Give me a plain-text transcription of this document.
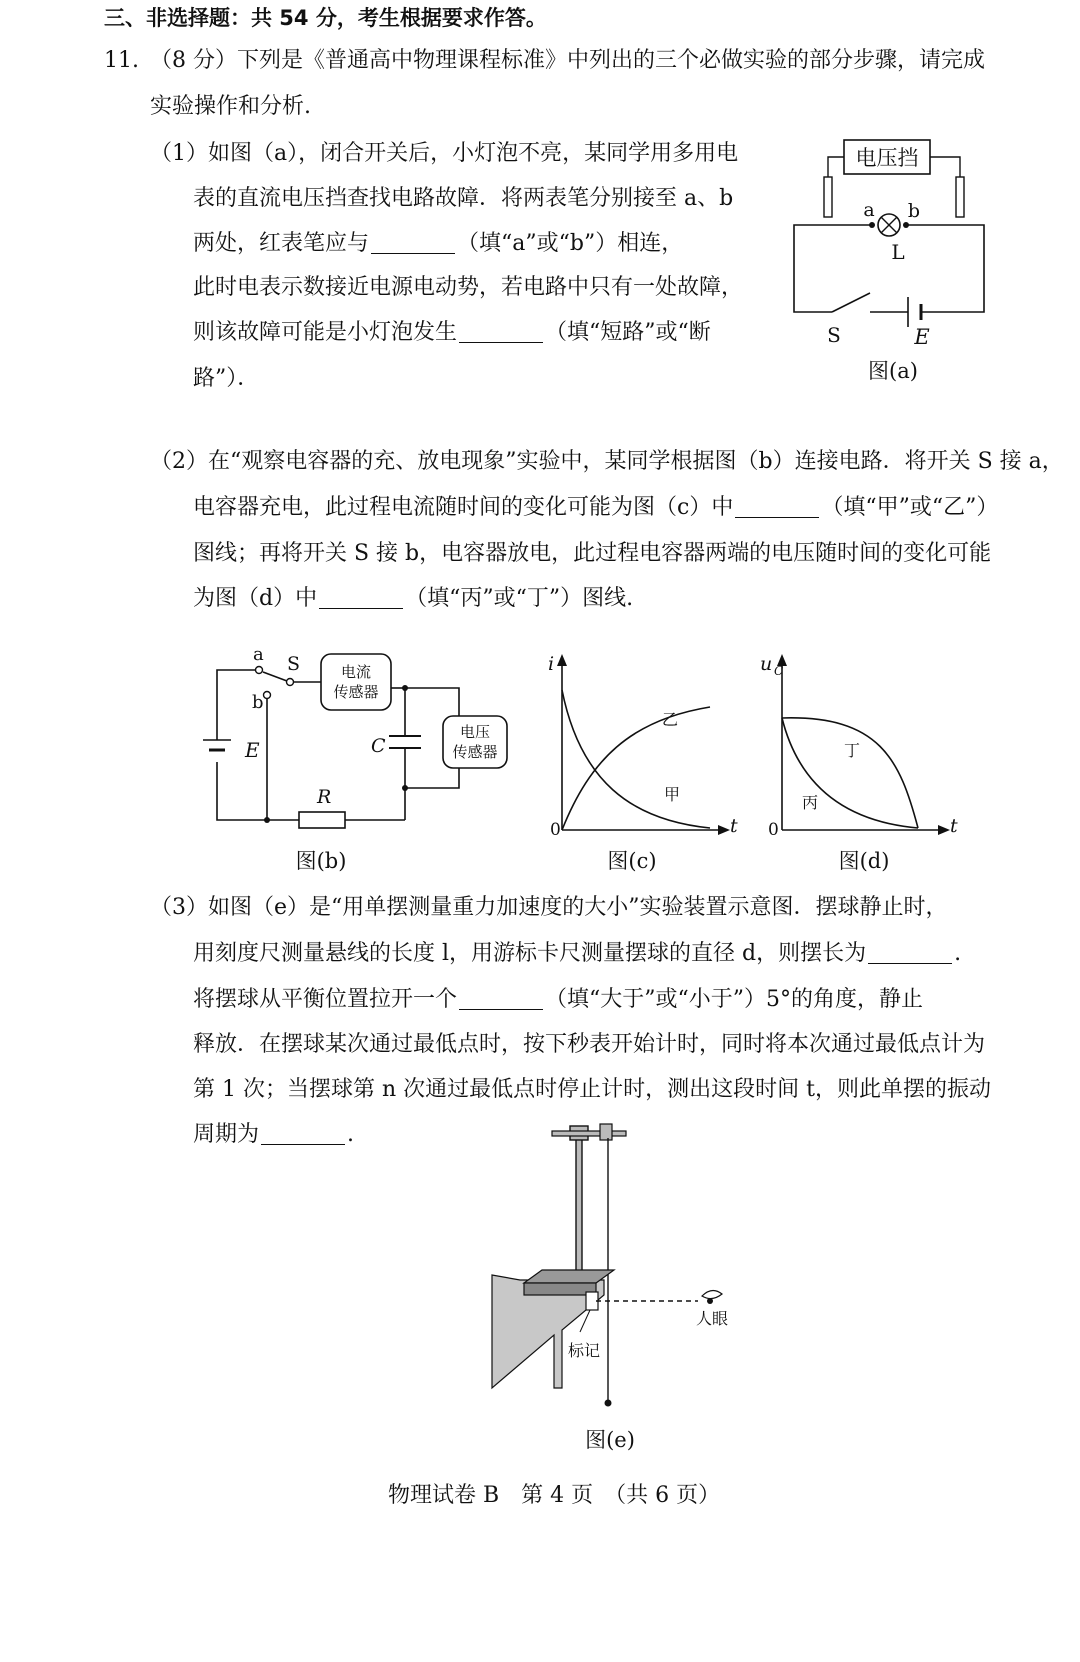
三、非选择题：共 54 分，考生根据要求作答。
11. （8 分）下列是《普通高中物理课程标准》中列出的三个必做实验的部分步骤，请完成
实验操作和分析.
（1）如图（a），闭合开关后，小灯泡不亮，某同学用多用电
表的直流电压挡查找电路故障．将两表笔分别接至 a、b
两处，红表笔应与	（填“a”或“b”）相连，
此时电表示数接近电源电动势，若电路中只有一处故障，
则该故障可能是小灯泡发生	（填“短路”或“断
路”）．
电压挡
a b
L
S	E
图(a)
（2）在“观察电容器的充、放电现象”实验中，某同学根据图（b）连接电路．将开关 S 接 a，
电容器充电，此过程电流随时间的变化可能为图（c）中	（填“甲”或“乙”）
图线；再将开关 S 接 b，电容器放电，此过程电容器两端的电压随时间的变化可能
为图（d）中	（填“丙”或“丁”）图线.
E
a
b
S	电流
传感器
C
电压
传感器
R
图(b)
i
t
0
乙
甲
图(c)
u C
t
0
丁
丙
图(d)
（3）如图（e）是“用单摆测量重力加速度的大小”实验装置示意图．摆球静止时，
用刻度尺测量悬线的长度 l，用游标卡尺测量摆球的直径 d，则摆长为	.
将摆球从平衡位置拉开一个	（填“大于”或“小于”）5°的角度，静止
释放．在摆球某次通过最低点时，按下秒表开始计时，同时将本次通过最低点计为
第 1 次；当摆球第 n 次通过最低点时停止计时，测出这段时间 t，则此单摆的振动
周期为	.
标记
人眼
图(e)
物理试卷 B　第 4 页　（共 6 页）
